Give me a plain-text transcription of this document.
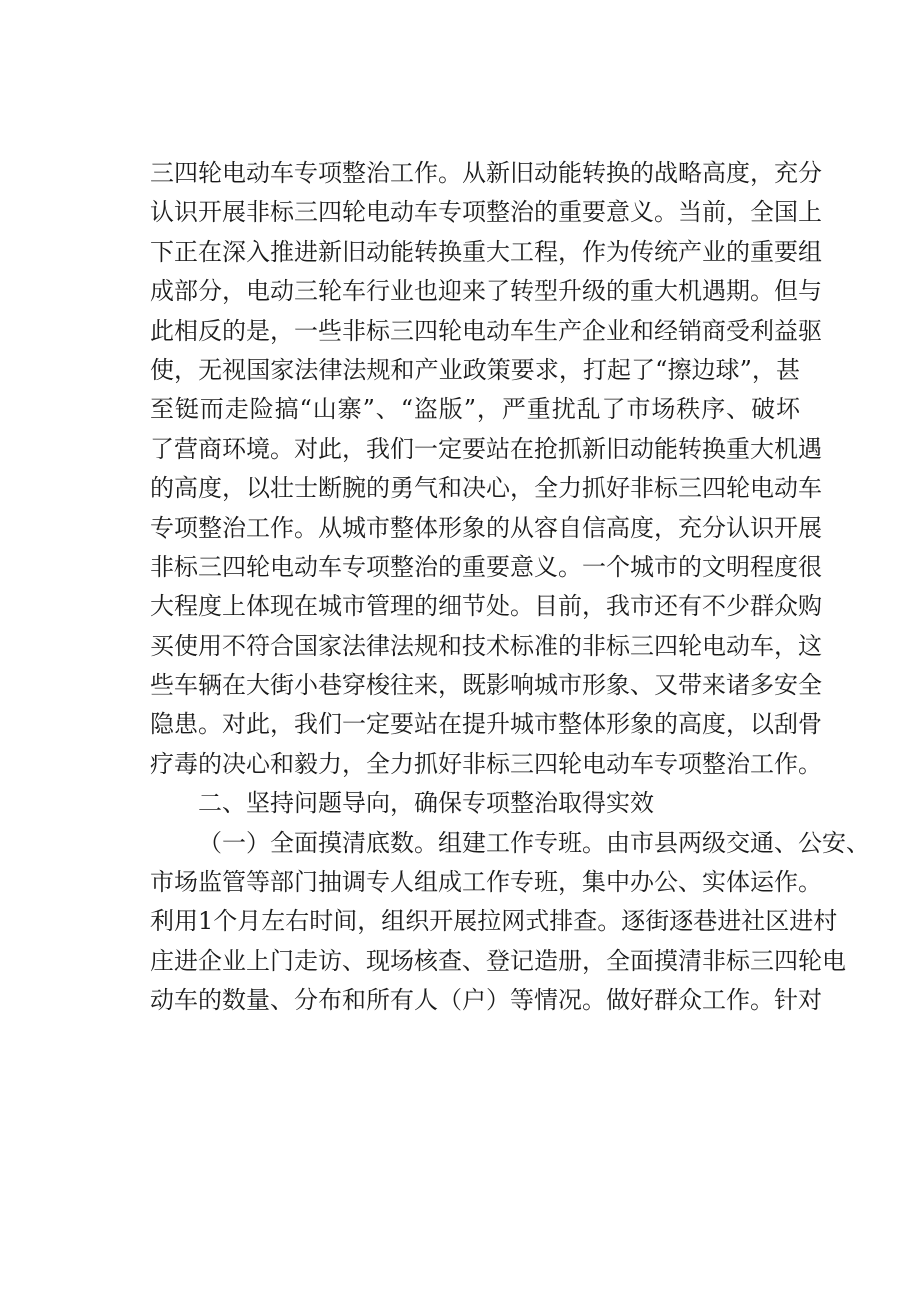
三四轮电动车专项整治工作。从新旧动能转换的战略高度，充分
认识开展非标三四轮电动车专项整治的重要意义。当前，全国上
下正在深入推进新旧动能转换重大工程，作为传统产业的重要组
成部分，电动三轮车行业也迎来了转型升级的重大机遇期。但与
此相反的是，一些非标三四轮电动车生产企业和经销商受利益驱
使，无视国家法律法规和产业政策要求，打起了“擦边球”，甚
至铤而走险搞“山寨”、“盗版”，严重扰乱了市场秩序、破坏
了营商环境。对此，我们一定要站在抢抓新旧动能转换重大机遇
的高度，以壮士断腕的勇气和决心，全力抓好非标三四轮电动车
专项整治工作。从城市整体形象的从容自信高度，充分认识开展
非标三四轮电动车专项整治的重要意义。一个城市的文明程度很
大程度上体现在城市管理的细节处。目前，我市还有不少群众购
买使用不符合国家法律法规和技术标准的非标三四轮电动车，这
些车辆在大街小巷穿梭往来，既影响城市形象、又带来诸多安全
隐患。对此，我们一定要站在提升城市整体形象的高度，以刮骨
疗毒的决心和毅力，全力抓好非标三四轮电动车专项整治工作。
二、坚持问题导向，确保专项整治取得实效
（一）全面摸清底数。组建工作专班。由市县两级交通、公安、
市场监管等部门抽调专人组成工作专班，集中办公、实体运作。
利用1个月左右时间，组织开展拉网式排查。逐街逐巷进社区进村
庄进企业上门走访、现场核查、登记造册，全面摸清非标三四轮电
动车的数量、分布和所有人（户）等情况。做好群众工作。针对
